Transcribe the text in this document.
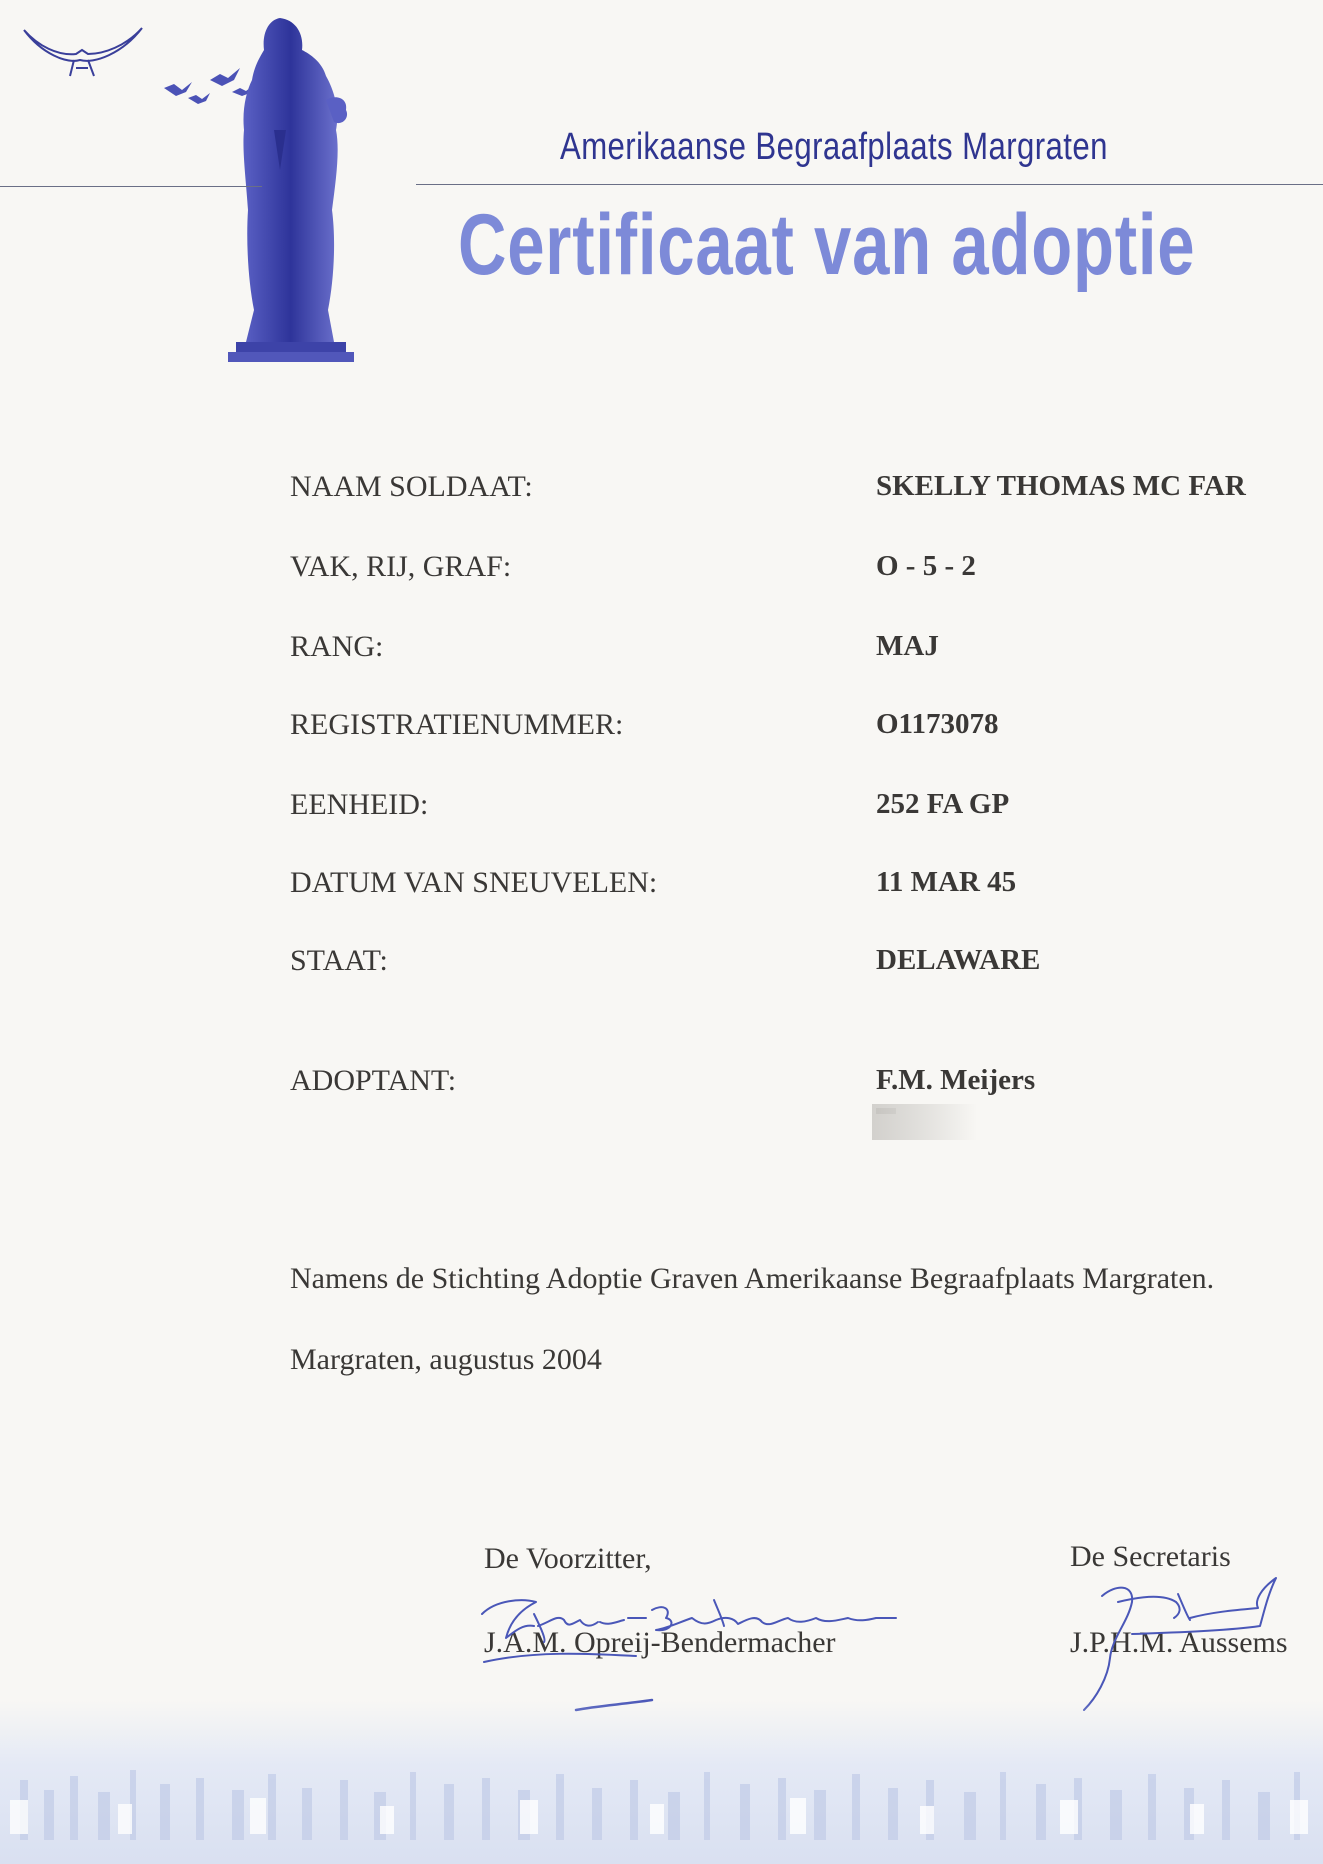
Amerikaanse Begraafplaats Margraten
Certificaat van adoptie
NAAM SOLDAAT:	SKELLY THOMAS MC FAR
VAK, RIJ, GRAF:	O - 5 - 2
RANG:	MAJ
REGISTRATIENUMMER:	O1173078
EENHEID:	252 FA GP
DATUM VAN SNEUVELEN:	11 MAR 45
STAAT:	DELAWARE
ADOPTANT:	F.M. Meijers
Namens de Stichting Adoptie Graven Amerikaanse Begraafplaats Margraten.
Margraten, augustus 2004
De Voorzitter,
J.A.M. Opreij-Bendermacher
De Secretaris
J.P.H.M. Aussems
